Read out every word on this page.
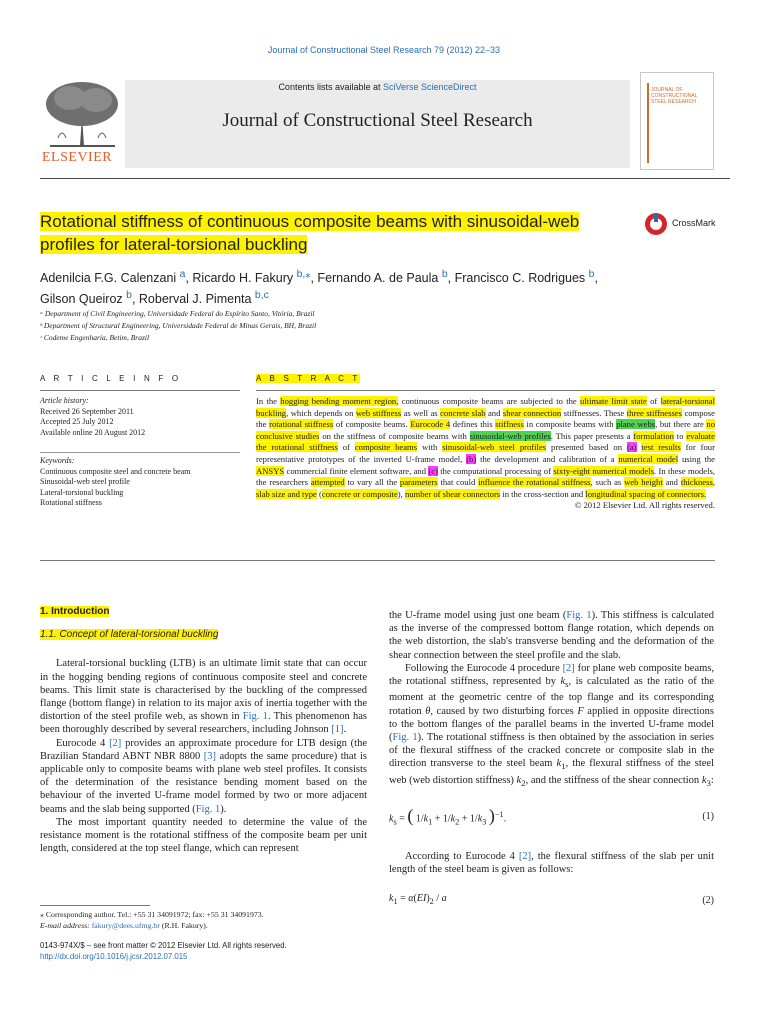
Journal of Constructional Steel Research 79 (2012) 22–33
ELSEVIER
Contents lists available at SciVerse ScienceDirect
Journal of Constructional Steel Research
JOURNAL OF
CONSTRUCTIONAL
STEEL RESEARCH
Rotational stiffness of continuous composite beams with sinusoidal-web
profiles for lateral-torsional buckling
CrossMark
Adenilcia F.G. Calenzani $^a$, Ricardo H. Fakury $^{b,⁎}$, Fernando A. de Paula $^b$, Francisco C. Rodrigues $^b$,
Gilson Queiroz $^b$, Roberval J. Pimenta $^{b,c}$
ᵃ Department of Civil Engineering, Universidade Federal do Espírito Santo, Vitória, Brazil
ᵇ Department of Structural Engineering, Universidade Federal de Minas Gerais, BH, Brazil
ᶜ Codeme Engenharia, Betim, Brazil
A R T I C L E I N F O	A B S T R A C T
Article history:
Received 26 September 2011
Accepted 25 July 2012
Available online 20 August 2012
Keywords:
Continuous composite steel and concrete beam
Sinusoidal-web steel profile
Lateral-torsional buckling
Rotational stiffness
In the hogging bending moment region, continuous composite beams are subjected to the ultimate limit state of lateral-torsional buckling, which depends on web stiffness as well as concrete slab and shear connection stiffnesses. These three stiffnesses compose the rotational stiffness of composite beams. Eurocode 4 defines this stiffness in composite beams with plane webs, but there are no conclusive studies on the stiffness of composite beams with sinusoidal-web profiles. This paper presents a formulation to evaluate the rotational stiffness of composite beams with sinusoidal-web steel profiles presented based on (a) test results for four representative prototypes of the inverted U-frame model, (b) the development and calibration of a numerical model using the ANSYS commercial finite element software, and (c) the computational processing of sixty-eight numerical models. In these models, the researchers attempted to vary all the parameters that could influence the rotational stiffness, such as web height and thickness, slab size and type (concrete or composite), number of shear connectors in the cross-section and longitudinal spacing of connectors.
© 2012 Elsevier Ltd. All rights reserved.
1. Introduction
1.1. Concept of lateral-torsional buckling

Lateral-torsional buckling (LTB) is an ultimate limit state that can occur in the hogging bending regions of continuous composite steel and concrete beams. This limit state is characterised by the buckling of the compressed flange (bottom flange) in relation to its major axis of inertia together with the distortion of the steel profile web, as shown in Fig. 1. This phenomenon has been thoroughly described by several researchers, including Johnson [1].

Eurocode 4 [2] provides an approximate procedure for LTB design (the Brazilian Standard ABNT NBR 8800 [3] adopts the same procedure) that is applicable only to composite beams with plane web steel profiles. It consists of the determination of the resistance bending moment based on the behaviour of the inverted U-frame model formed by two or more adjacent beams and the slab being supported (Fig. 1).

The most important quantity needed to determine the value of the resistance moment is the rotational stiffness of the composite beam per unit length, considered at the top steel flange, which can represent

the U-frame model using just one beam (Fig. 1). This stiffness is calculated as the inverse of the compressed bottom flange rotation, which depends on the web distortion, the slab's transverse bending and the deformation of the shear connection between the steel profile and the slab.

Following the Eurocode 4 procedure [2] for plane web composite beams, the rotational stiffness, represented by $k_s$, is calculated as the ratio of the moment at the geometric centre of the top flange and its corresponding rotation θ, caused by two disturbing forces F applied in opposite directions to the bottom flanges of the parallel beams in the inverted U-frame model (Fig. 1). The rotational stiffness is then obtained by the association in series of the flexural stiffness of the cracked concrete or composite slab in the direction transverse to the steel beam $k_1$, the flexural stiffness of the steel web (web distortion stiffness) $k_2$, and the stiffness of the shear connection $k_3$:

$k_s$ = ( $1/k_1 + 1/k_2 + 1/k_3$ )$^{-1}$.	(1)

According to Eurocode 4 [2], the flexural stiffness of the slab per unit length of the steel beam is given as follows:

$k_1 = \alpha(EI)_2 / a$	(2)
⁎ Corresponding author. Tel.: +55 31 34091972; fax: +55 31 34091973.
E-mail address: fakury@dees.ufmg.br (R.H. Fakury).
0143-974X/$ – see front matter © 2012 Elsevier Ltd. All rights reserved.
http://dx.doi.org/10.1016/j.jcsr.2012.07.015
